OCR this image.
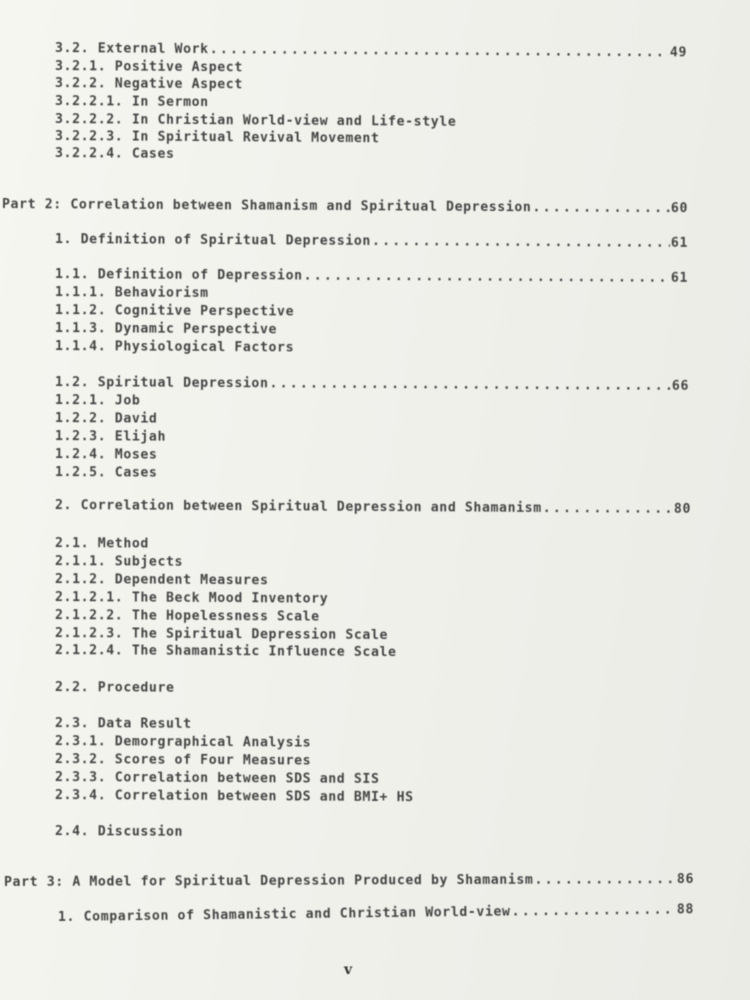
3.2. External Work .....	49
3.2.1. Positive Aspect
3.2.2. Negative Aspect
3.2.2.1. In Sermon
3.2.2.2. In Christian World-view and Life-style
3.2.2.3. In Spiritual Revival Movement
3.2.2.4. Cases
Part 2: Correlation between Shamanism and Spiritual Depression .....	60
1. Definition of Spiritual Depression .....	61
1.1. Definition of Depression .....	61
1.1.1. Behaviorism
1.1.2. Cognitive Perspective
1.1.3. Dynamic Perspective
1.1.4. Physiological Factors
1.2. Spiritual Depression .....	66
1.2.1. Job
1.2.2. David
1.2.3. Elijah
1.2.4. Moses
1.2.5. Cases
2. Correlation between Spiritual Depression and Shamanism .....	80
2.1. Method
2.1.1. Subjects
2.1.2. Dependent Measures
2.1.2.1. The Beck Mood Inventory
2.1.2.2. The Hopelessness Scale
2.1.2.3. The Spiritual Depression Scale
2.1.2.4. The Shamanistic Influence Scale
2.2. Procedure
2.3. Data Result
2.3.1. Demorgraphical Analysis
2.3.2. Scores of Four Measures
2.3.3. Correlation between SDS and SIS
2.3.4. Correlation between SDS and BMI+ HS
2.4. Discussion
Part 3: A Model for Spiritual Depression Produced by Shamanism .....	86
1. Comparison of Shamanistic and Christian World-view .....	88
v
